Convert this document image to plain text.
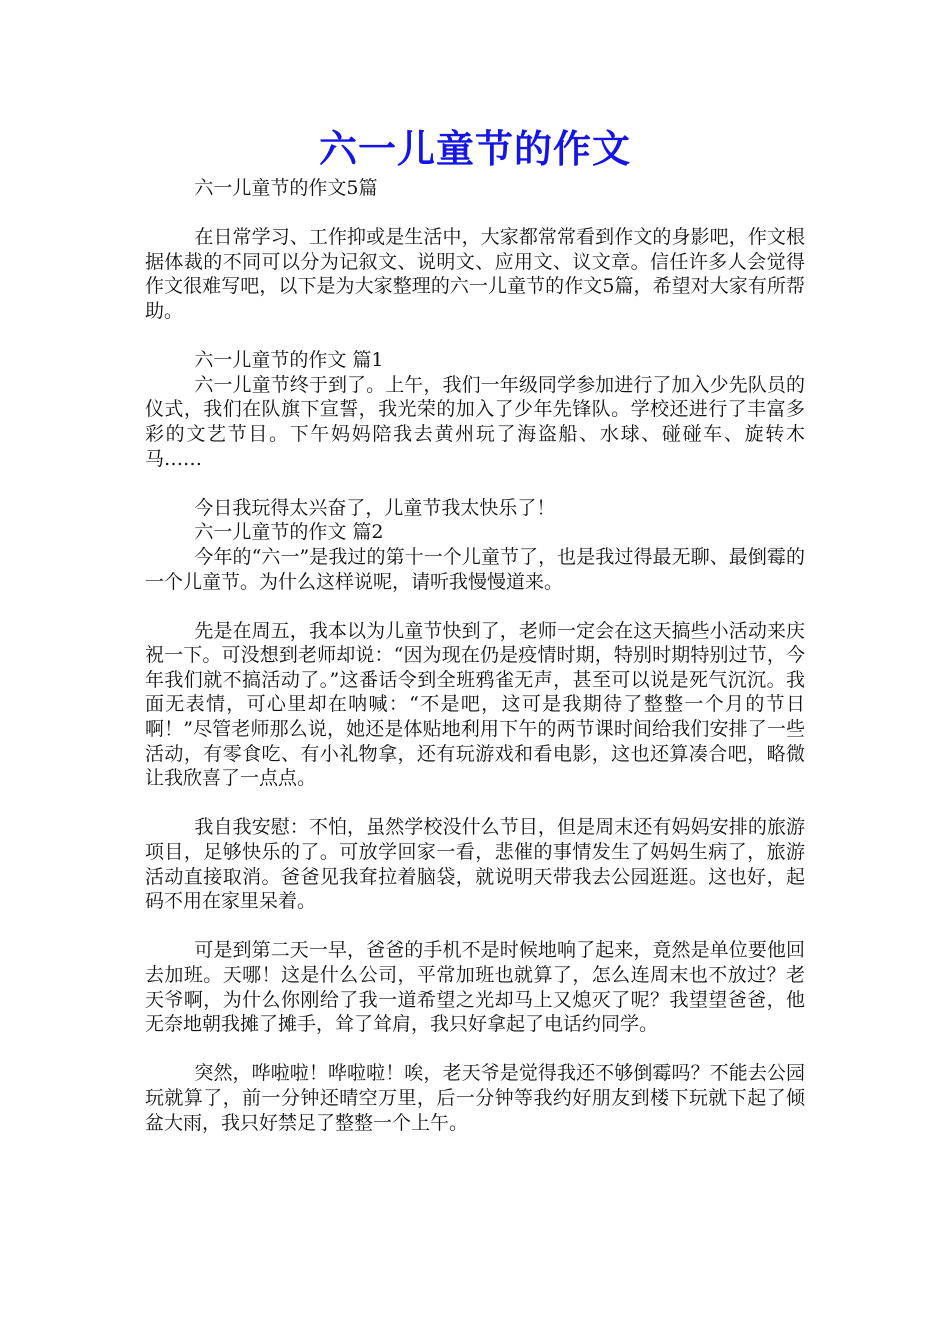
六一儿童节的作文

六一儿童节的作文5篇

在日常学习、工作抑或是生活中，大家都常常看到作文的身影吧，作文根据体裁的不同可以分为记叙文、说明文、应用文、议文章。信任许多人会觉得作文很难写吧，以下是为大家整理的六一儿童节的作文5篇，希望对大家有所帮助。

六一儿童节的作文 篇1

六一儿童节终于到了。上午，我们一年级同学参加进行了加入少先队员的仪式，我们在队旗下宣誓，我光荣的加入了少年先锋队。学校还进行了丰富多彩的文艺节目。下午妈妈陪我去黄州玩了海盗船、水球、碰碰车、旋转木马……

今日我玩得太兴奋了，儿童节我太快乐了！

六一儿童节的作文 篇2

今年的“六一”是我过的第十一个儿童节了，也是我过得最无聊、最倒霉的一个儿童节。为什么这样说呢，请听我慢慢道来。

先是在周五，我本以为儿童节快到了，老师一定会在这天搞些小活动来庆祝一下。可没想到老师却说：“因为现在仍是疫情时期，特别时期特别过节，今年我们就不搞活动了。”这番话令到全班鸦雀无声，甚至可以说是死气沉沉。我面无表情，可心里却在呐喊：“不是吧，这可是我期待了整整一个月的节日啊！”尽管老师那么说，她还是体贴地利用下午的两节课时间给我们安排了一些活动，有零食吃、有小礼物拿，还有玩游戏和看电影，这也还算凑合吧，略微让我欣喜了一点点。

我自我安慰：不怕，虽然学校没什么节目，但是周末还有妈妈安排的旅游项目，足够快乐的了。可放学回家一看，悲催的事情发生了妈妈生病了，旅游活动直接取消。爸爸见我耷拉着脑袋，就说明天带我去公园逛逛。这也好，起码不用在家里呆着。

可是到第二天一早，爸爸的手机不是时候地响了起来，竟然是单位要他回去加班。天哪！这是什么公司，平常加班也就算了，怎么连周末也不放过？老天爷啊，为什么你刚给了我一道希望之光却马上又熄灭了呢？我望望爸爸，他无奈地朝我摊了摊手，耸了耸肩，我只好拿起了电话约同学。

突然，哗啦啦！哗啦啦！唉，老天爷是觉得我还不够倒霉吗？不能去公园玩就算了，前一分钟还晴空万里，后一分钟等我约好朋友到楼下玩就下起了倾盆大雨，我只好禁足了整整一个上午。
